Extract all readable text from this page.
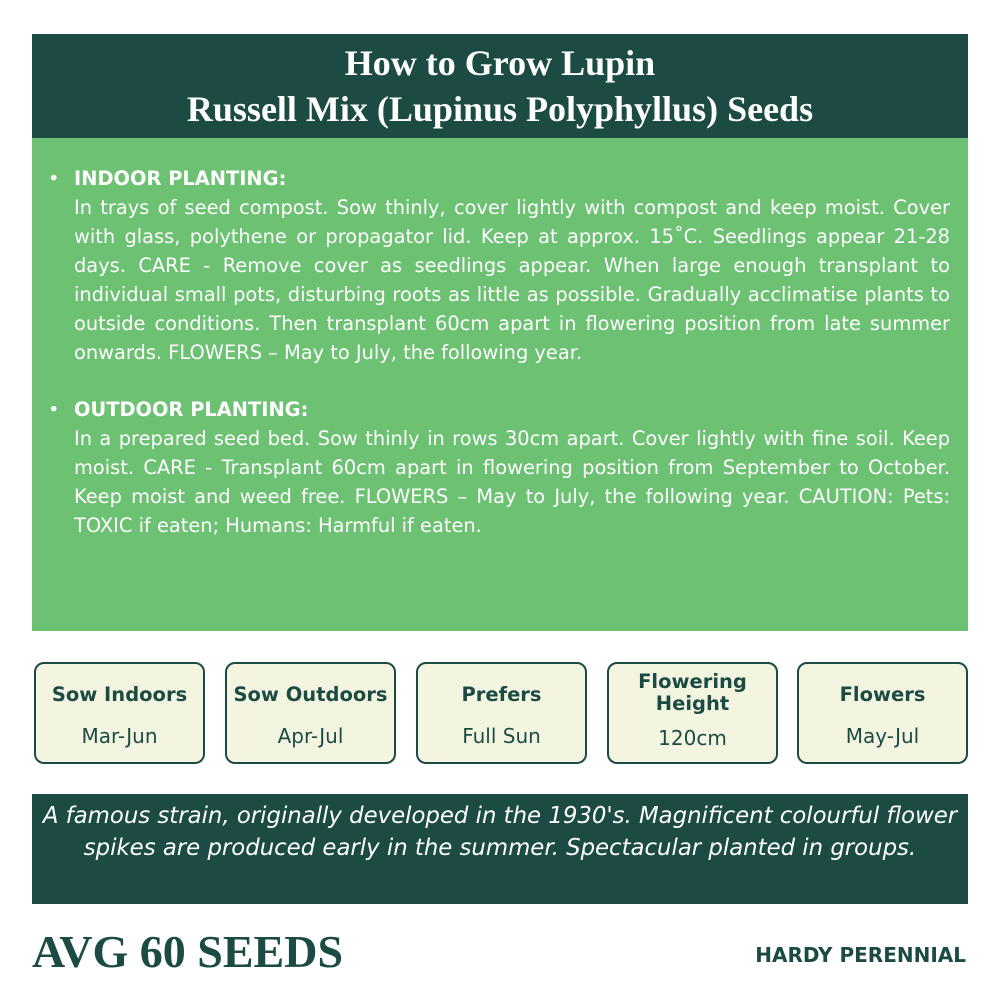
How to Grow Lupin
Russell Mix (Lupinus Polyphyllus) Seeds
• INDOOR PLANTING:
In trays of seed compost. Sow thinly, cover lightly with compost and keep moist. Cover with glass, polythene or propagator lid. Keep at approx. 15˚C. Seedlings appear 21-28 days. CARE - Remove cover as seedlings appear. When large enough transplant to individual small pots, disturbing roots as little as possible. Gradually acclimatise plants to outside conditions. Then transplant 60cm apart in flowering position from late summer onwards. FLOWERS – May to July, the following year.
• OUTDOOR PLANTING:
In a prepared seed bed. Sow thinly in rows 30cm apart. Cover lightly with fine soil. Keep moist. CARE - Transplant 60cm apart in flowering position from September to October. Keep moist and weed free. FLOWERS – May to July, the following year. CAUTION: Pets: TOXIC if eaten; Humans: Harmful if eaten.
Sow Indoors
Mar-Jun
Sow Outdoors
Apr-Jul
Prefers
Full Sun
Flowering
Height
120cm
Flowers
May-Jul
A famous strain, originally developed in the 1930's. Magnificent colourful flower spikes are produced early in the summer. Spectacular planted in groups.
AVG 60 SEEDS	HARDY PERENNIAL
